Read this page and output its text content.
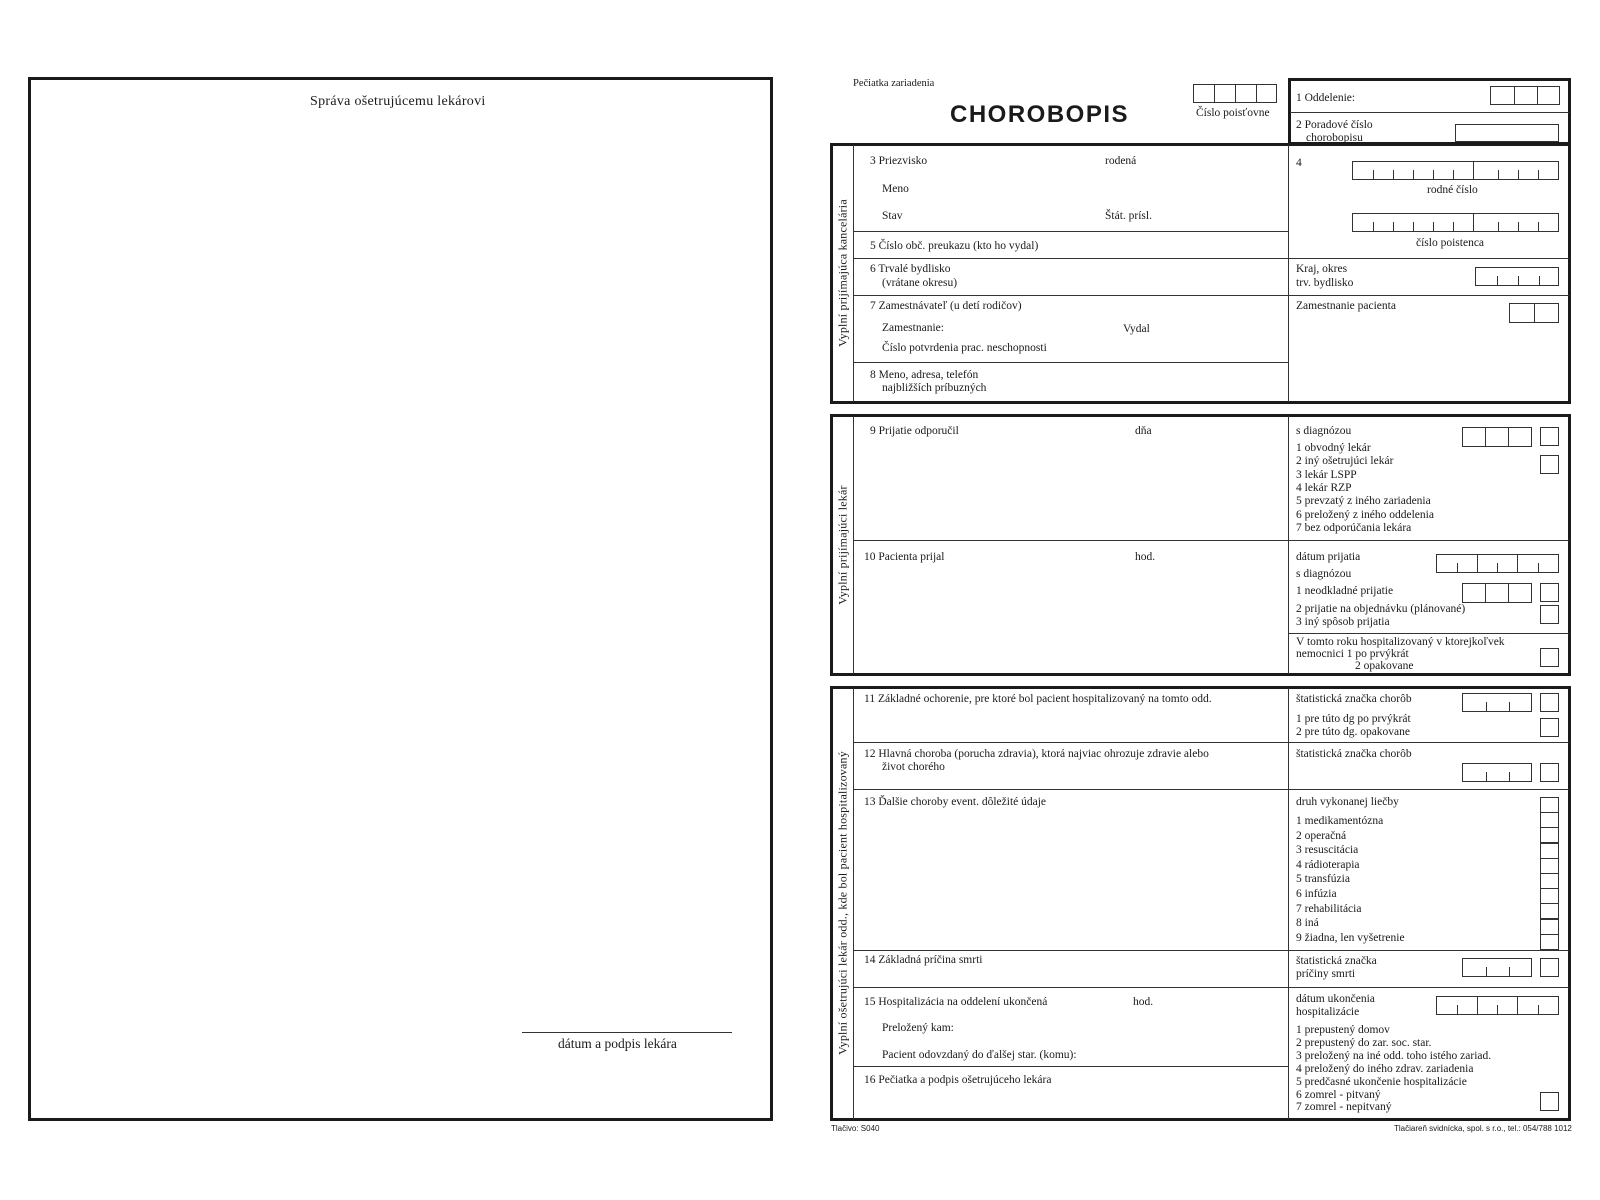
Správa ošetrujúcemu lekárovi
dátum a podpis lekára
Pečiatka zariadenia
CHOROBOPIS	Číslo poisťovne
1 Oddelenie:
2 Poradové číslo
chorobopisu
Vyplní prijímajúca kancelária
3 Priezvisko	rodená
Meno
Stav	Štát. prísl.
4
rodné číslo
číslo poistenca
5 Číslo obč. preukazu (kto ho vydal)
6 Trvalé bydlisko
(vrátane okresu)
Kraj, okres
trv. bydlisko
7 Zamestnávateľ (u detí rodičov)
Zamestnanie:	Vydal
Číslo potvrdenia prac. neschopnosti
Zamestnanie pacienta
8 Meno, adresa, telefón
najbližších príbuzných
Vyplní prijímajúci lekár
9 Prijatie odporučil	dňa	s diagnózou
1 obvodný lekár
2 iný ošetrujúci lekár
3 lekár LSPP
4 lekár RZP
5 prevzatý z iného zariadenia
6 preložený z iného oddelenia
7 bez odporúčania lekára
10 Pacienta prijal	hod.	dátum prijatia
s diagnózou
1 neodkladné prijatie
2 prijatie na objednávku (plánované)
3 iný spôsob prijatia
V tomto roku hospitalizovaný v ktorejkoľvek
nemocnici 1 po prvýkrát
2 opakovane
Vyplní ošetrujúci lekár odd., kde bol pacient hospitalizovaný
11 Základné ochorenie, pre ktoré bol pacient hospitalizovaný na tomto odd.	štatistická značka chorôb
1 pre túto dg po prvýkrát
2 pre túto dg. opakovane
12 Hlavná choroba (porucha zdravia), ktorá najviac ohrozuje zdravie alebo
život chorého
štatistická značka chorôb
13 Ďalšie choroby event. dôležité údaje	druh vykonanej liečby
1 medikamentózna
2 operačná
3 resuscitácia
4 rádioterapia
5 transfúzia
6 infúzia
7 rehabilitácia
8 iná
9 žiadna, len vyšetrenie
14 Základná príčina smrti	štatistická značka
príčiny smrti
15 Hospitalizácia na oddelení ukončená	hod.
Preložený kam:
Pacient odovzdaný do ďalšej star. (komu):
dátum ukončenia
hospitalizácie
1 prepustený domov
2 prepustený do zar. soc. star.
3 preložený na iné odd. toho istého zariad.
4 preložený do iného zdrav. zariadenia
5 predčasné ukončenie hospitalizácie
6 zomrel - pitvaný
7 zomrel - nepitvaný
16 Pečiatka a podpis ošetrujúceho lekára
Tlačivo: S040	Tlačiareň svidnícka, spol. s r.o., tel.: 054/788 1012
